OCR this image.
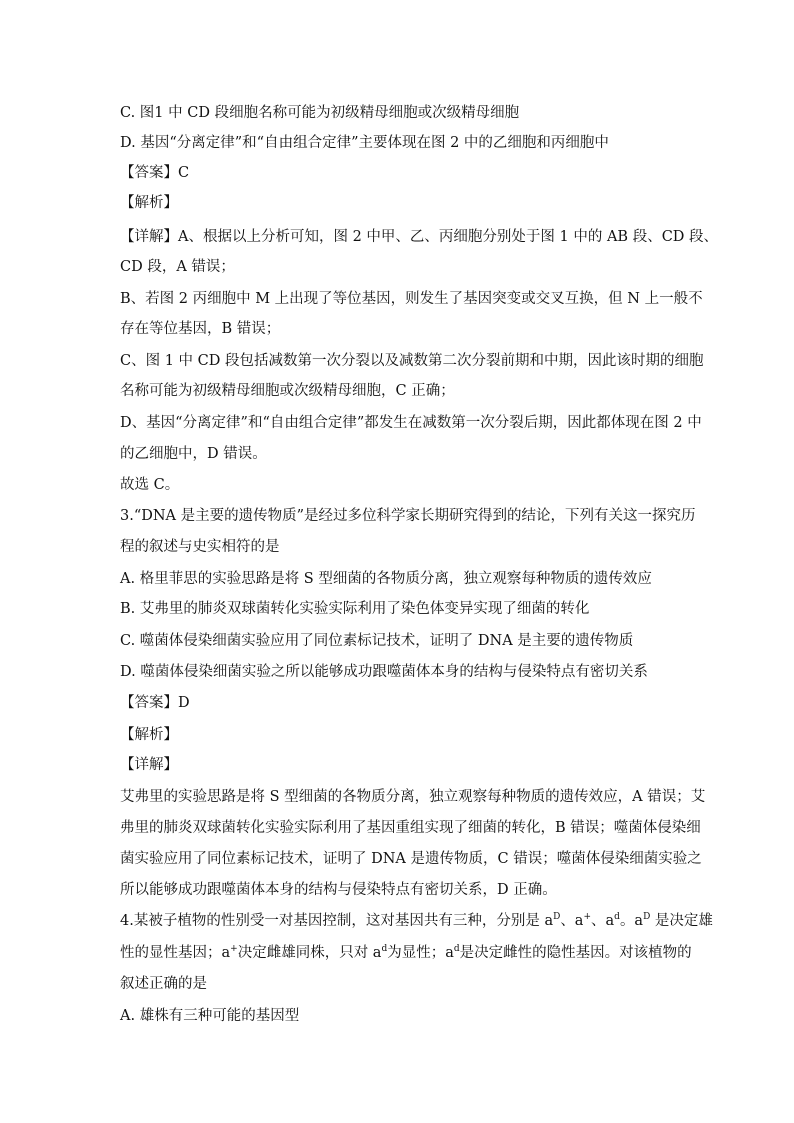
C. 图1 中 CD 段细胞名称可能为初级精母细胞或次级精母细胞
D. 基因“分离定律”和“自由组合定律”主要体现在图 2 中的乙细胞和丙细胞中
【答案】C
【解析】
【详解】A、根据以上分析可知，图 2 中甲、乙、丙细胞分别处于图 1 中的 AB 段、CD 段、
CD 段，A 错误；
B、若图 2 丙细胞中 M 上出现了等位基因，则发生了基因突变或交叉互换，但 N 上一般不
存在等位基因，B 错误；
C、图 1 中 CD 段包括减数第一次分裂以及减数第二次分裂前期和中期，因此该时期的细胞
名称可能为初级精母细胞或次级精母细胞，C 正确；
D、基因“分离定律”和“自由组合定律”都发生在减数第一次分裂后期，因此都体现在图 2 中
的乙细胞中，D 错误。
故选 C。
3.“DNA 是主要的遗传物质”是经过多位科学家长期研究得到的结论，下列有关这一探究历
程的叙述与史实相符的是
A. 格里菲思的实验思路是将 S 型细菌的各物质分离，独立观察每种物质的遗传效应
B. 艾弗里的肺炎双球菌转化实验实际利用了染色体变异实现了细菌的转化
C. 噬菌体侵染细菌实验应用了同位素标记技术，证明了 DNA 是主要的遗传物质
D. 噬菌体侵染细菌实验之所以能够成功跟噬菌体本身的结构与侵染特点有密切关系
【答案】D
【解析】
【详解】
艾弗里的实验思路是将 S 型细菌的各物质分离，独立观察每种物质的遗传效应，A 错误；艾
弗里的肺炎双球菌转化实验实际利用了基因重组实现了细菌的转化，B 错误；噬菌体侵染细
菌实验应用了同位素标记技术，证明了 DNA 是遗传物质，C 错误；噬菌体侵染细菌实验之
所以能够成功跟噬菌体本身的结构与侵染特点有密切关系，D 正确。
4.某被子植物的性别受一对基因控制，这对基因共有三种，分别是 $a^D$、a+、$a^d$。$a^D$ 是决定雄
性的显性基因；a+决定雌雄同株，只对 $a^d$为显性；$a^d$是决定雌性的隐性基因。对该植物的
叙述正确的是
A. 雄株有三种可能的基因型
